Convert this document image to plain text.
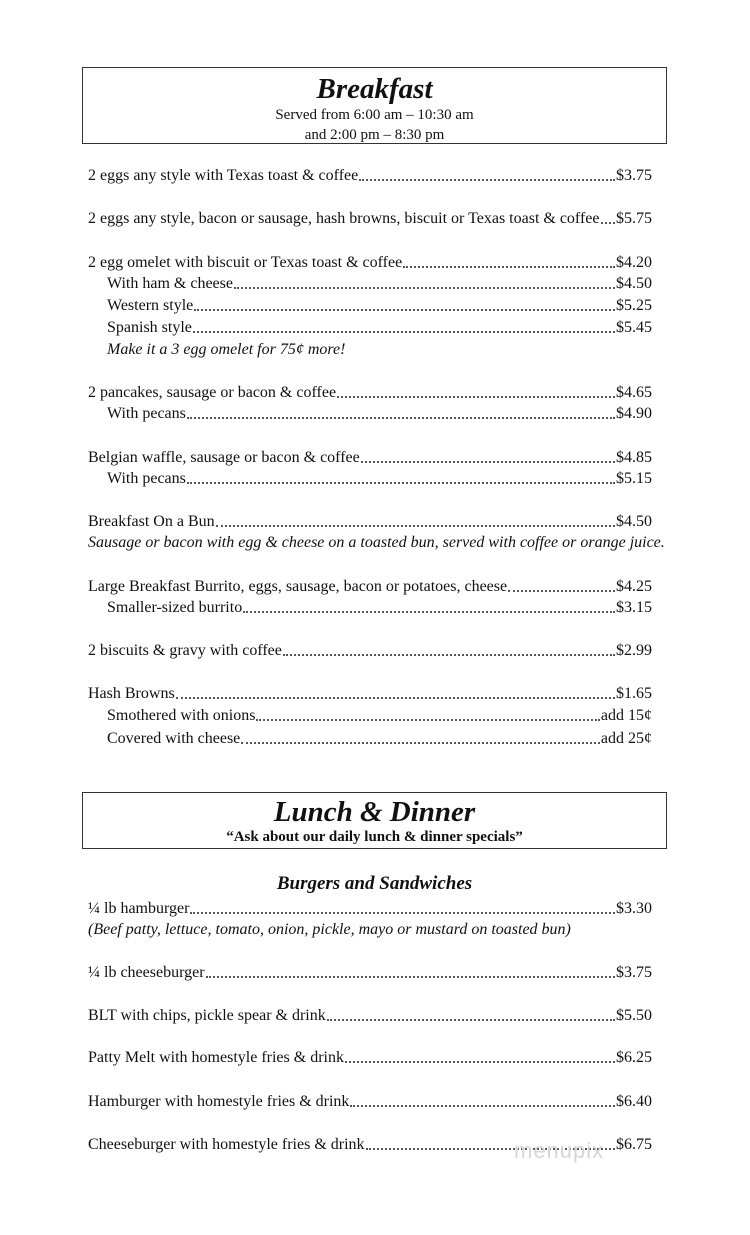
Breakfast
Served from 6:00 am – 10:30 am
and 2:00 pm – 8:30 pm
2 eggs any style with Texas toast & coffee	$3.75
2 eggs any style, bacon or sausage, hash browns, biscuit or Texas toast & coffee $5.75
2 egg omelet with biscuit or Texas toast & coffee	$4.20
With ham & cheese	$4.50
Western style	$5.25
Spanish style	$5.45
Make it a 3 egg omelet for 75¢ more!
2 pancakes, sausage or bacon & coffee	$4.65
With pecans	$4.90
Belgian waffle, sausage or bacon & coffee	$4.85
With pecans	$5.15
Breakfast On a Bun	$4.50
Sausage or bacon with egg & cheese on a toasted bun, served with coffee or orange juice.
Large Breakfast Burrito, eggs, sausage, bacon or potatoes, cheese	$4.25
Smaller-sized burrito	$3.15
2 biscuits & gravy with coffee	$2.99
Hash Browns	$1.65
Smothered with onions	add 15¢
Covered with cheese	add 25¢
Lunch & Dinner
“Ask about our daily lunch & dinner specials”
Burgers and Sandwiches
¼ lb hamburger	$3.30
(Beef patty, lettuce, tomato, onion, pickle, mayo or mustard on toasted bun)
¼ lb cheeseburger	$3.75
BLT with chips, pickle spear & drink	$5.50
Patty Melt with homestyle fries & drink	$6.25
Hamburger with homestyle fries & drink	$6.40
Cheeseburger with homestyle fries & drink	$6.75
menupix
